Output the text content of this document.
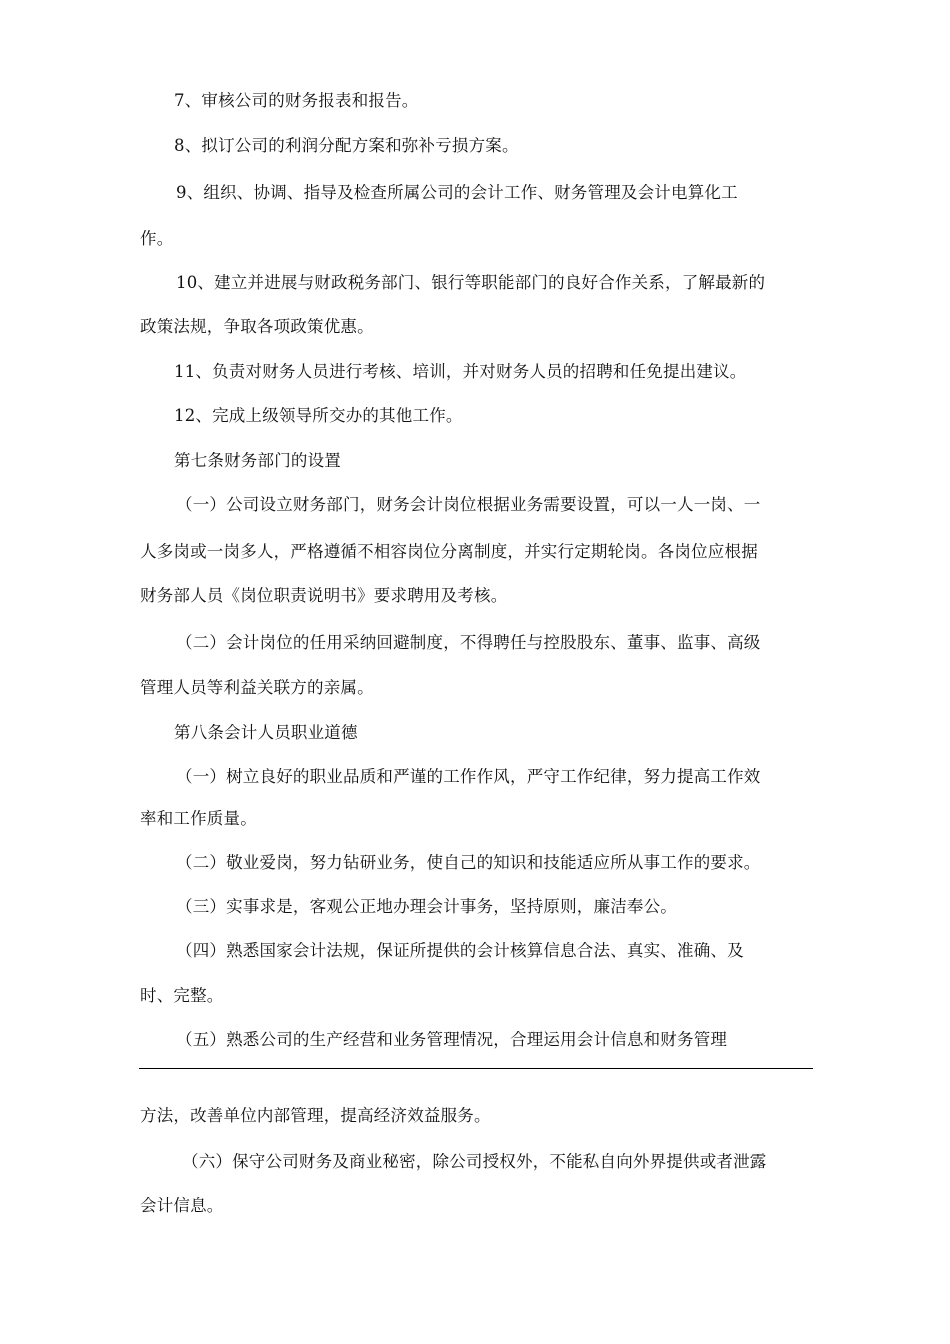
7、审核公司的财务报表和报告。
8、拟订公司的利润分配方案和弥补亏损方案。
9、组织、协调、指导及检查所属公司的会计工作、财务管理及会计电算化工
作。
10、建立并进展与财政税务部门、银行等职能部门的良好合作关系，了解最新的
政策法规，争取各项政策优惠。
11、负责对财务人员进行考核、培训，并对财务人员的招聘和任免提出建议。
12、完成上级领导所交办的其他工作。
第七条财务部门的设置
（一）公司设立财务部门，财务会计岗位根据业务需要设置，可以一人一岗、一
人多岗或一岗多人，严格遵循不相容岗位分离制度，并实行定期轮岗。各岗位应根据
财务部人员《岗位职责说明书》要求聘用及考核。
（二）会计岗位的任用采纳回避制度，不得聘任与控股股东、董事、监事、高级
管理人员等利益关联方的亲属。
第八条会计人员职业道德
（一）树立良好的职业品质和严谨的工作作风，严守工作纪律，努力提高工作效
率和工作质量。
（二）敬业爱岗，努力钻研业务，使自己的知识和技能适应所从事工作的要求。
（三）实事求是，客观公正地办理会计事务，坚持原则，廉洁奉公。
（四）熟悉国家会计法规，保证所提供的会计核算信息合法、真实、准确、及
时、完整。
（五）熟悉公司的生产经营和业务管理情况，合理运用会计信息和财务管理
方法，改善单位内部管理，提高经济效益服务。
（六）保守公司财务及商业秘密，除公司授权外，不能私自向外界提供或者泄露
会计信息。
